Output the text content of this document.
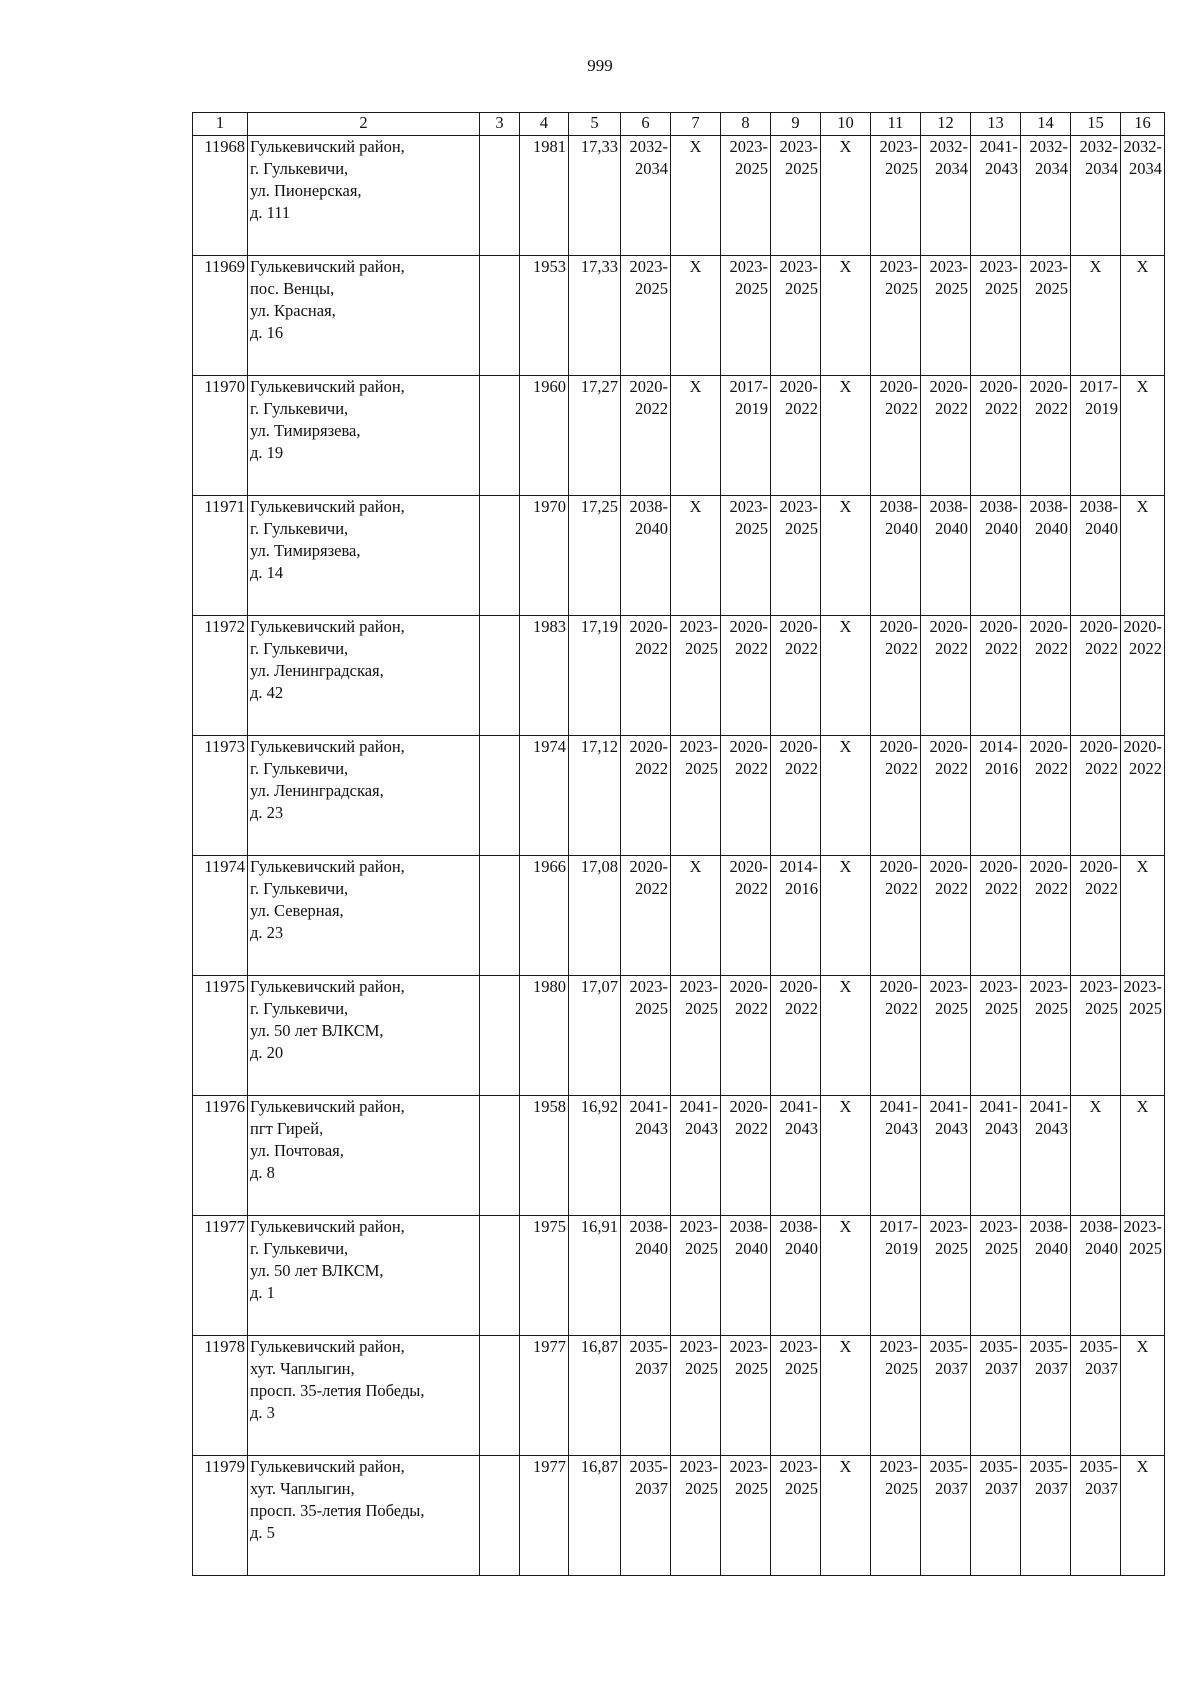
999
1	2	3	4	5	6	7	8	9	10	11	12	13	14	15	16
11968	Гулькевичский район,
г. Гулькевичи,
ул. Пионерская,
д. 111		1981	17,33	2032-2034	Х	2023-2025	2023-2025	Х	2023-2025	2032-2034	2041-2043	2032-2034	2032-2034	2032-2034
11969	Гулькевичский район,
пос. Венцы,
ул. Красная,
д. 16		1953	17,33	2023-2025	Х	2023-2025	2023-2025	Х	2023-2025	2023-2025	2023-2025	2023-2025	Х	Х
11970	Гулькевичский район,
г. Гулькевичи,
ул. Тимирязева,
д. 19		1960	17,27	2020-2022	Х	2017-2019	2020-2022	Х	2020-2022	2020-2022	2020-2022	2020-2022	2017-2019	Х
11971	Гулькевичский район,
г. Гулькевичи,
ул. Тимирязева,
д. 14		1970	17,25	2038-2040	Х	2023-2025	2023-2025	Х	2038-2040	2038-2040	2038-2040	2038-2040	2038-2040	Х
11972	Гулькевичский район,
г. Гулькевичи,
ул. Ленинградская,
д. 42		1983	17,19	2020-2022	2023-2025	2020-2022	2020-2022	Х	2020-2022	2020-2022	2020-2022	2020-2022	2020-2022	2020-2022
11973	Гулькевичский район,
г. Гулькевичи,
ул. Ленинградская,
д. 23		1974	17,12	2020-2022	2023-2025	2020-2022	2020-2022	Х	2020-2022	2020-2022	2014-2016	2020-2022	2020-2022	2020-2022
11974	Гулькевичский район,
г. Гулькевичи,
ул. Северная,
д. 23		1966	17,08	2020-2022	Х	2020-2022	2014-2016	Х	2020-2022	2020-2022	2020-2022	2020-2022	2020-2022	Х
11975	Гулькевичский район,
г. Гулькевичи,
ул. 50 лет ВЛКСМ,
д. 20		1980	17,07	2023-2025	2023-2025	2020-2022	2020-2022	Х	2020-2022	2023-2025	2023-2025	2023-2025	2023-2025	2023-2025
11976	Гулькевичский район,
пгт Гирей,
ул. Почтовая,
д. 8		1958	16,92	2041-2043	2041-2043	2020-2022	2041-2043	Х	2041-2043	2041-2043	2041-2043	2041-2043	Х	Х
11977	Гулькевичский район,
г. Гулькевичи,
ул. 50 лет ВЛКСМ,
д. 1		1975	16,91	2038-2040	2023-2025	2038-2040	2038-2040	Х	2017-2019	2023-2025	2023-2025	2038-2040	2038-2040	2023-2025
11978	Гулькевичский район,
хут. Чаплыгин,
просп. 35-летия Победы,
д. 3		1977	16,87	2035-2037	2023-2025	2023-2025	2023-2025	Х	2023-2025	2035-2037	2035-2037	2035-2037	2035-2037	Х
11979	Гулькевичский район,
хут. Чаплыгин,
просп. 35-летия Победы,
д. 5		1977	16,87	2035-2037	2023-2025	2023-2025	2023-2025	Х	2023-2025	2035-2037	2035-2037	2035-2037	2035-2037	Х
